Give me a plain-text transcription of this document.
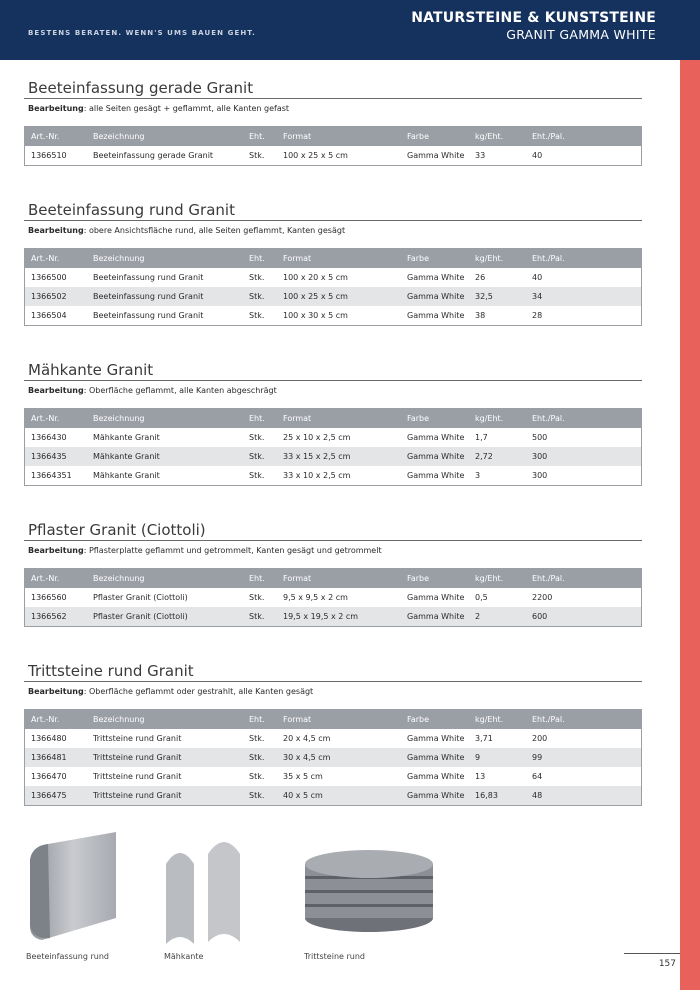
BESTENS BERATEN. WENN'S UMS BAUEN GEHT.
NATURSTEINE & KUNSTSTEINE
GRANIT GAMMA WHITE
Beeteinfassung gerade Granit
Bearbeitung: alle Seiten gesägt + geflammt, alle Kanten gefast
Art.-Nr.	Bezeichnung	Eht.	Format	Farbe	kg/Eht.	Eht./Pal.
1366510	Beeteinfassung gerade Granit	Stk.	100 x 25 x 5 cm	Gamma White	33	40
Beeteinfassung rund Granit
Bearbeitung: obere Ansichtsfläche rund, alle Seiten geflammt, Kanten gesägt
Art.-Nr.	Bezeichnung	Eht.	Format	Farbe	kg/Eht.	Eht./Pal.
1366500	Beeteinfassung rund Granit	Stk.	100 x 20 x 5 cm	Gamma White	26	40
1366502	Beeteinfassung rund Granit	Stk.	100 x 25 x 5 cm	Gamma White	32,5	34
1366504	Beeteinfassung rund Granit	Stk.	100 x 30 x 5 cm	Gamma White	38	28
Mähkante Granit
Bearbeitung: Oberfläche geflammt, alle Kanten abgeschrägt
Art.-Nr.	Bezeichnung	Eht.	Format	Farbe	kg/Eht.	Eht./Pal.
1366430	Mähkante Granit	Stk.	25 x 10 x 2,5 cm	Gamma White	1,7	500
1366435	Mähkante Granit	Stk.	33 x 15 x 2,5 cm	Gamma White	2,72	300
13664351	Mähkante Granit	Stk.	33 x 10 x 2,5 cm	Gamma White	3	300
Pflaster Granit (Ciottoli)
Bearbeitung: Pflasterplatte geflammt und getrommelt, Kanten gesägt und getrommelt
Art.-Nr.	Bezeichnung	Eht.	Format	Farbe	kg/Eht.	Eht./Pal.
1366560	Pflaster Granit (Ciottoli)	Stk.	9,5 x 9,5 x 2 cm	Gamma White	0,5	2200
1366562	Pflaster Granit (Ciottoli)	Stk.	19,5 x 19,5 x 2 cm	Gamma White	2	600
Trittsteine rund Granit
Bearbeitung: Oberfläche geflammt oder gestrahlt, alle Kanten gesägt
Art.-Nr.	Bezeichnung	Eht.	Format	Farbe	kg/Eht.	Eht./Pal.
1366480	Trittsteine rund Granit	Stk.	20 x 4,5 cm	Gamma White	3,71	200
1366481	Trittsteine rund Granit	Stk.	30 x 4,5 cm	Gamma White	9	99
1366470	Trittsteine rund Granit	Stk.	35 x 5 cm	Gamma White	13	64
1366475	Trittsteine rund Granit	Stk.	40 x 5 cm	Gamma White	16,83	48
Beeteinfassung rund	Mähkante	Trittsteine rund
157
